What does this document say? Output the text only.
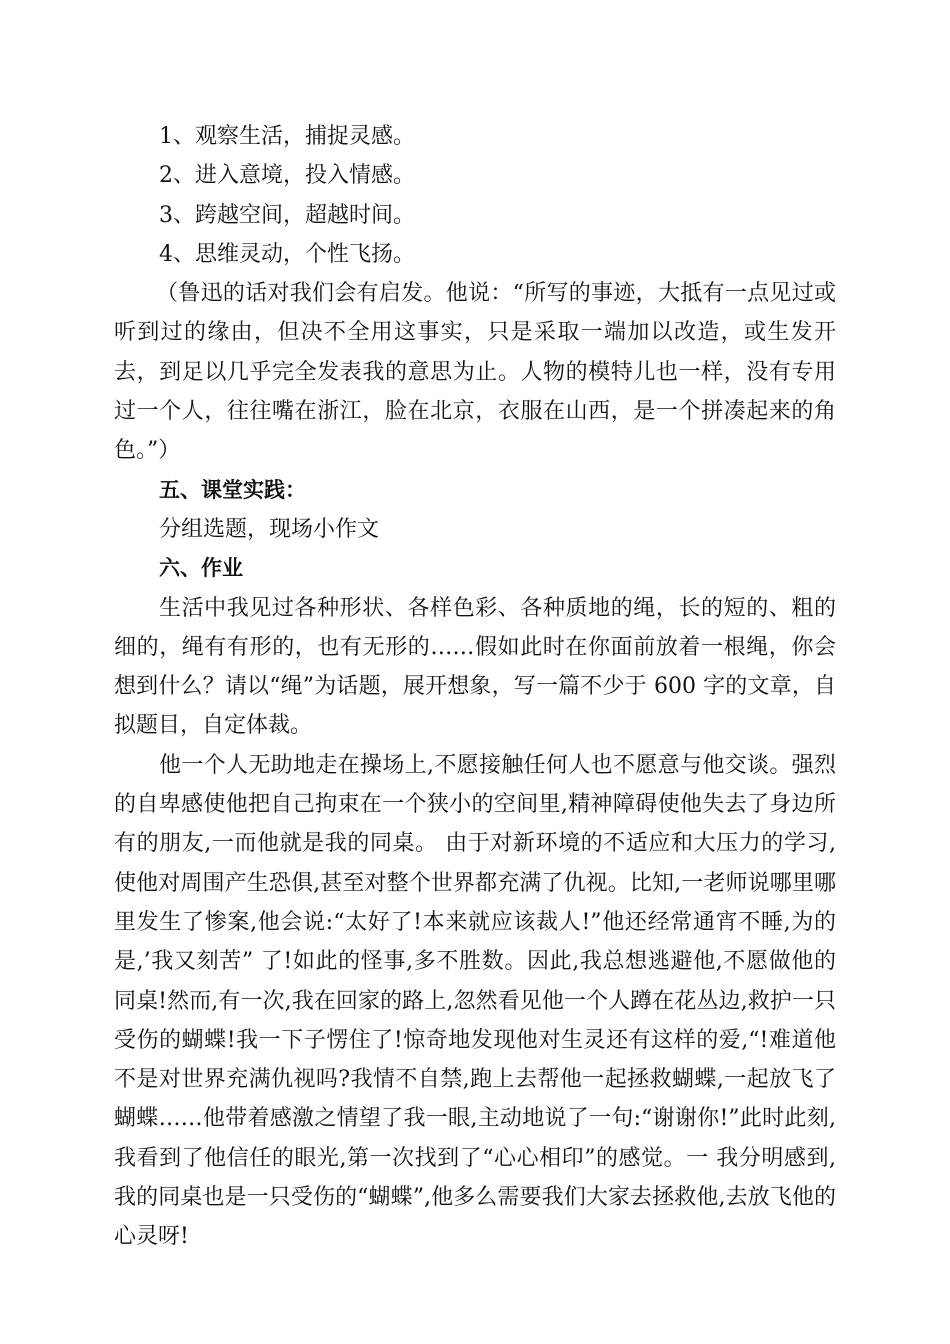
1、观察生活，捕捉灵感。

2、进入意境，投入情感。

3、跨越空间，超越时间。

4、思维灵动，个性飞扬。

（鲁迅的话对我们会有启发。他说：“所写的事迹，大抵有一点见过或听到过的缘由，但决不全用这事实，只是采取一端加以改造，或生发开去，到足以几乎完全发表我的意思为止。人物的模特儿也一样，没有专用过一个人，往往嘴在浙江，脸在北京，衣服在山西，是一个拼凑起来的角色。”）

五、课堂实践：

分组选题，现场小作文

六、作业

生活中我见过各种形状、各样色彩、各种质地的绳，长的短的、粗的细的，绳有有形的，也有无形的……假如此时在你面前放着一根绳，你会想到什么？请以“绳”为话题，展开想象，写一篇不少于 600 字的文章，自拟题目，自定体裁。

他一个人无助地走在操场上,不愿接触任何人也不愿意与他交谈。强烈的自卑感使他把自己拘束在一个狭小的空间里,精神障碍使他失去了身边所有的朋友,一而他就是我的同桌。 由于对新环境的不适应和大压力的学习,使他对周围产生恐俱,甚至对整个世界都充满了仇视。比知,一老师说哪里哪里发生了惨案,他会说:“太好了!本来就应该裁人!”他还经常通宵不睡,为的是,’我又刻苦” 了!如此的怪事,多不胜数。因此,我总想逃避他,不愿做他的同桌!然而,有一次,我在回家的路上,忽然看见他一个人蹲在花丛边,救护一只受伤的蝴蝶!我一下子愣住了!惊奇地发现他对生灵还有这样的爱,“!难道他不是对世界充满仇视吗?我情不自禁,跑上去帮他一起拯救蝴蝶,一起放飞了蝴蝶……他带着感激之情望了我一眼,主动地说了一句:“谢谢你!”此时此刻,我看到了他信任的眼光,第一次找到了“心心相印”的感觉。一 我分明感到,我的同桌也是一只受伤的“蝴蝶”,他多么需要我们大家去拯救他,去放飞他的心灵呀!
